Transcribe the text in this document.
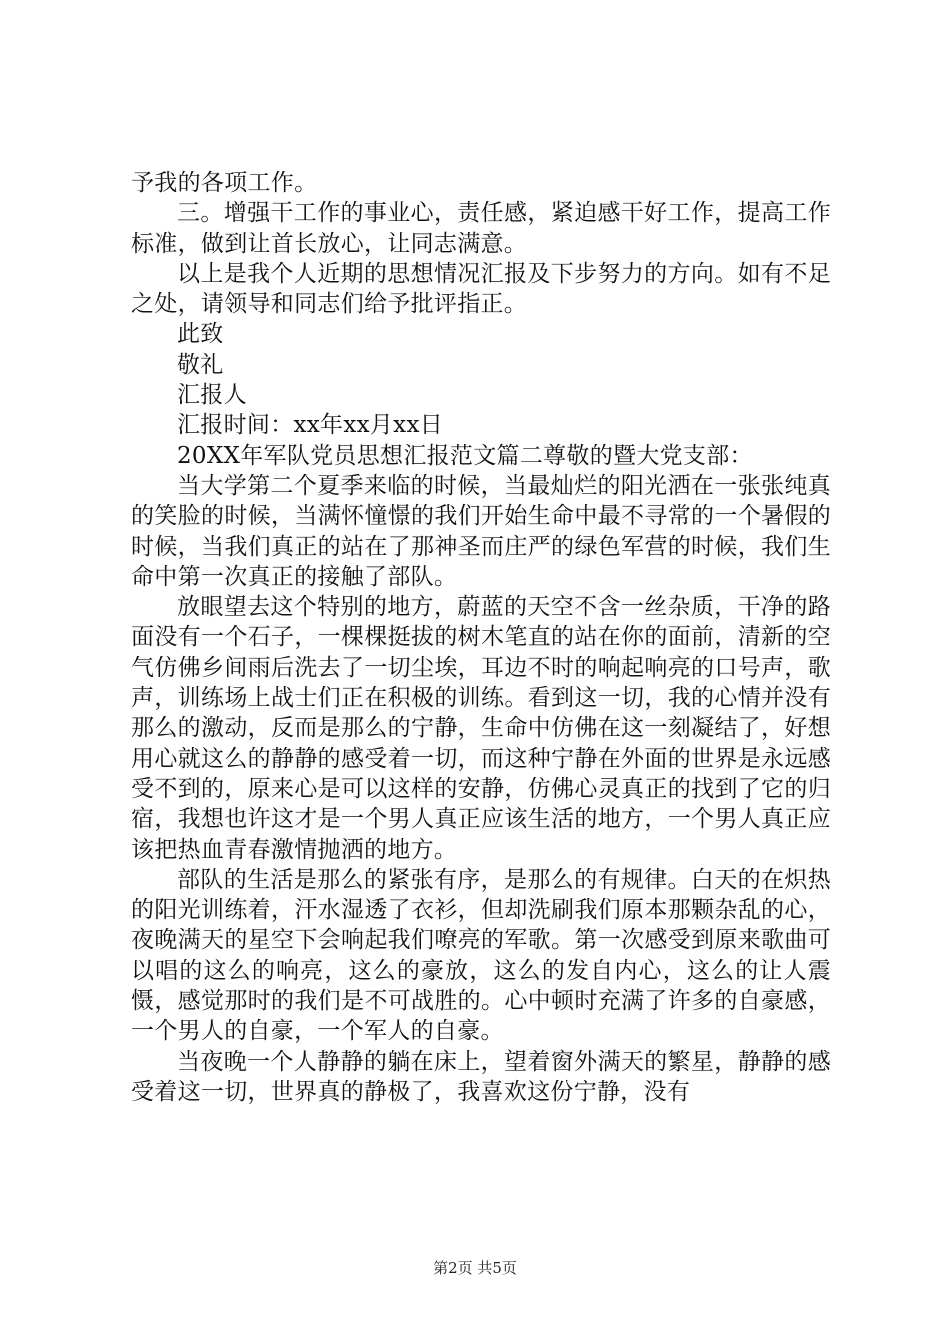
予我的各项工作。

三。增强干工作的事业心，责任感，紧迫感干好工作，提高工作标准，做到让首长放心，让同志满意。

以上是我个人近期的思想情况汇报及下步努力的方向。如有不足之处，请领导和同志们给予批评指正。

此致

敬礼

汇报人

汇报时间：xx年xx月xx日

20XX年军队党员思想汇报范文篇二尊敬的暨大党支部：

当大学第二个夏季来临的时候，当最灿烂的阳光洒在一张张纯真的笑脸的时候，当满怀憧憬的我们开始生命中最不寻常的一个暑假的时候，当我们真正的站在了那神圣而庄严的绿色军营的时候，我们生命中第一次真正的接触了部队。

放眼望去这个特别的地方，蔚蓝的天空不含一丝杂质，干净的路面没有一个石子，一棵棵挺拔的树木笔直的站在你的面前，清新的空气仿佛乡间雨后洗去了一切尘埃，耳边不时的响起响亮的口号声，歌声，训练场上战士们正在积极的训练。看到这一切，我的心情并没有那么的激动，反而是那么的宁静，生命中仿佛在这一刻凝结了，好想用心就这么的静静的感受着一切，而这种宁静在外面的世界是永远感受不到的，原来心是可以这样的安静，仿佛心灵真正的找到了它的归宿，我想也许这才是一个男人真正应该生活的地方，一个男人真正应该把热血青春激情抛洒的地方。

部队的生活是那么的紧张有序，是那么的有规律。白天的在炽热的阳光训练着，汗水湿透了衣衫，但却洗刷我们原本那颗杂乱的心，夜晚满天的星空下会响起我们嘹亮的军歌。第一次感受到原来歌曲可以唱的这么的响亮，这么的豪放，这么的发自内心，这么的让人震慑，感觉那时的我们是不可战胜的。心中顿时充满了许多的自豪感，一个男人的自豪，一个军人的自豪。

当夜晚一个人静静的躺在床上，望着窗外满天的繁星，静静的感受着这一切，世界真的静极了，我喜欢这份宁静，没有

第2页 共5页
